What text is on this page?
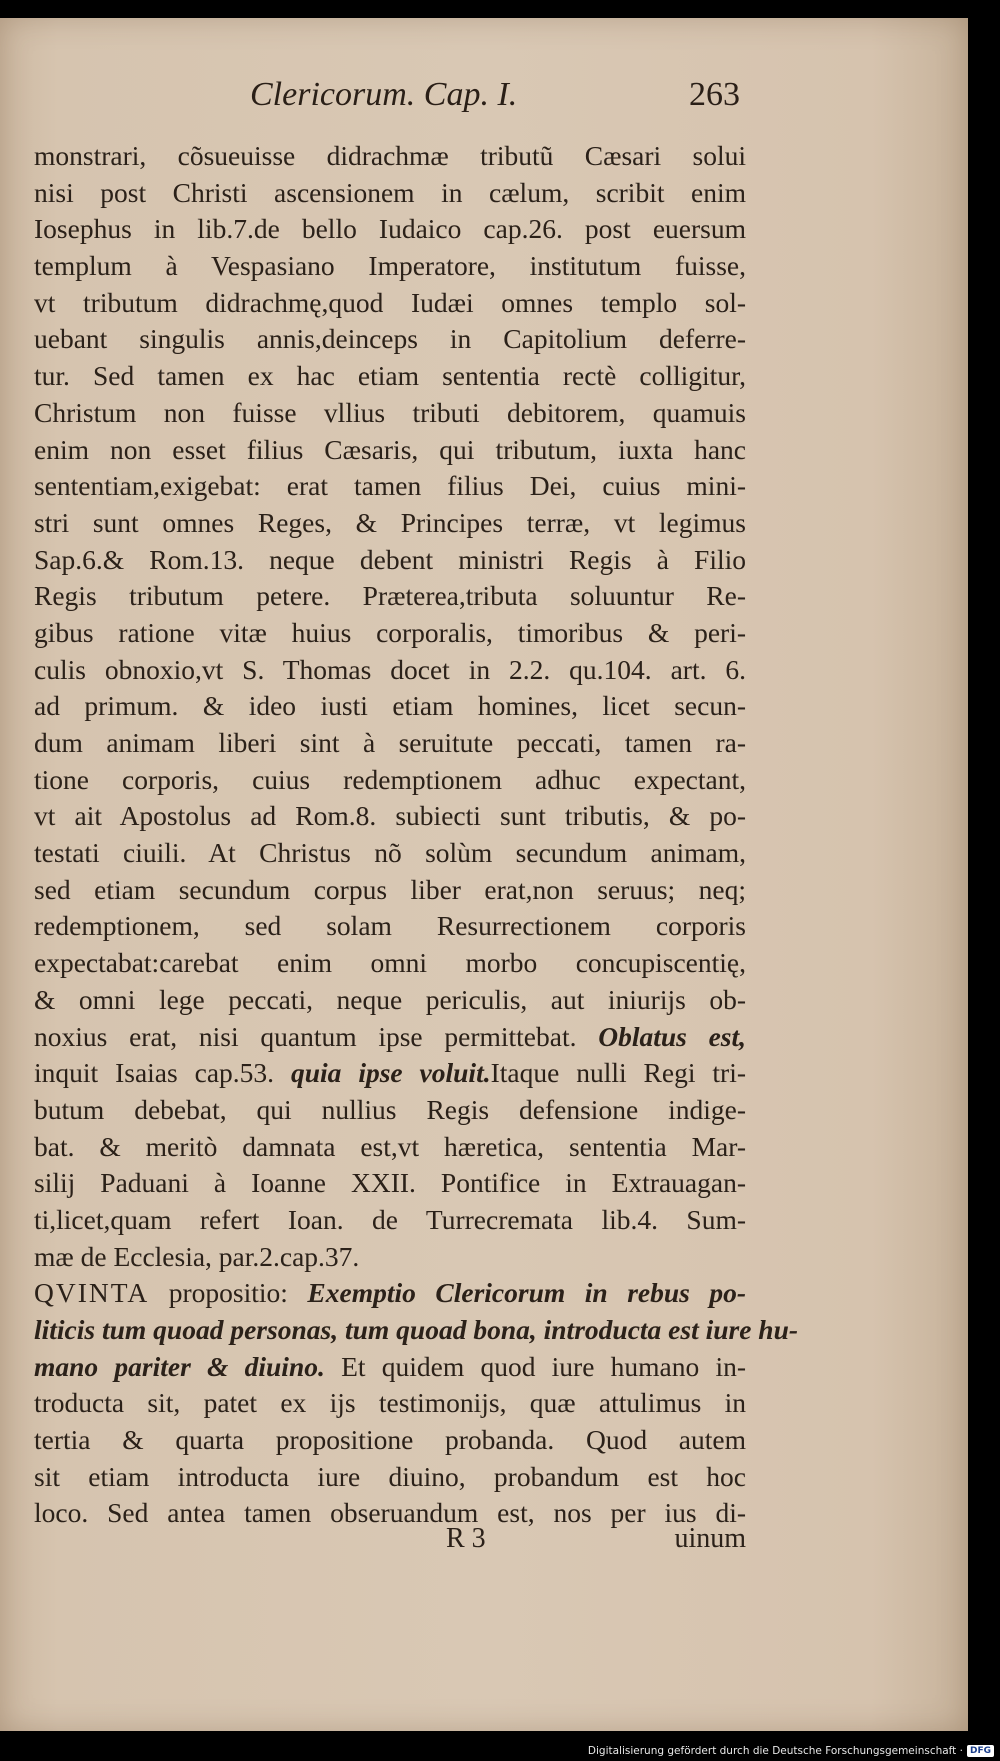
Clericorum. Cap. I.	263
monstrari, cõsueuisse didrachmæ tributũ Cæsari solui
nisi post Christi ascensionem in cælum, scribit enim
Iosephus in lib.7.de bello Iudaico cap.26. post euersum
templum à Vespasiano Imperatore, institutum fuisse,
vt tributum didrachmę,quod Iudæi omnes templo sol-
uebant singulis annis,deinceps in Capitolium deferre-
tur. Sed tamen ex hac etiam sententia rectè colligitur,
Christum non fuisse vllius tributi debitorem, quamuis
enim non esset filius Cæsaris, qui tributum, iuxta hanc
sententiam,exigebat: erat tamen filius Dei, cuius mini-
stri sunt omnes Reges, & Principes terræ, vt legimus
Sap.6.& Rom.13. neque debent ministri Regis à Filio
Regis tributum petere. Prætereа,tributa soluuntur Re-
gibus ratione vitæ huius corporalis, timoribus & peri-
culis obnoxio,vt S. Thomas docet in 2.2. qu.104. art. 6.
ad primum. & ideo iusti etiam homines, licet secun-
dum animam liberi sint à seruitute peccati, tamen ra-
tione corporis, cuius redemptionem adhuc expectant,
vt ait Apostolus ad Rom.8. subiecti sunt tributis, & po-
testati ciuili. At Christus nõ solùm secundum animam,
sed etiam secundum corpus liber erat,non seruus; neq;
redemptionem, sed solam Resurrectionem corporis
expectabat:carebat enim omni morbo concupiscentię,
& omni lege peccati, neque periculis, aut iniurijs ob-
noxius erat, nisi quantum ipse permittebat. Oblatus est,
inquit Isaias cap.53. quia ipse voluit.Itaque nulli Regi tri-
butum debebat, qui nullius Regis defensione indige-
bat. & meritò damnata est,vt hæretica, sententia Mar-
silij Paduani à Ioanne XXII. Pontifice in Extrauagan-
ti,licet,quam refert Ioan. de Turrecremata lib.4. Sum-
mæ de Ecclesia, par.2.cap.37.
QVINTA propositio: Exemptio Clericorum in rebus po-
liticis tum quoad personas, tum quoad bona, introducta est iure hu-
mano pariter & diuino. Et quidem quod iure humano in-
troducta sit, patet ex ijs testimonijs, quæ attulimus in
tertia & quarta propositione probanda. Quod autem
sit etiam introducta iure diuino, probandum est hoc
loco. Sed antea tamen obseruandum est, nos per ius di-
R 3	uinum
Digitalisierung gefördert durch die Deutsche Forschungsgemeinschaft · DFG
